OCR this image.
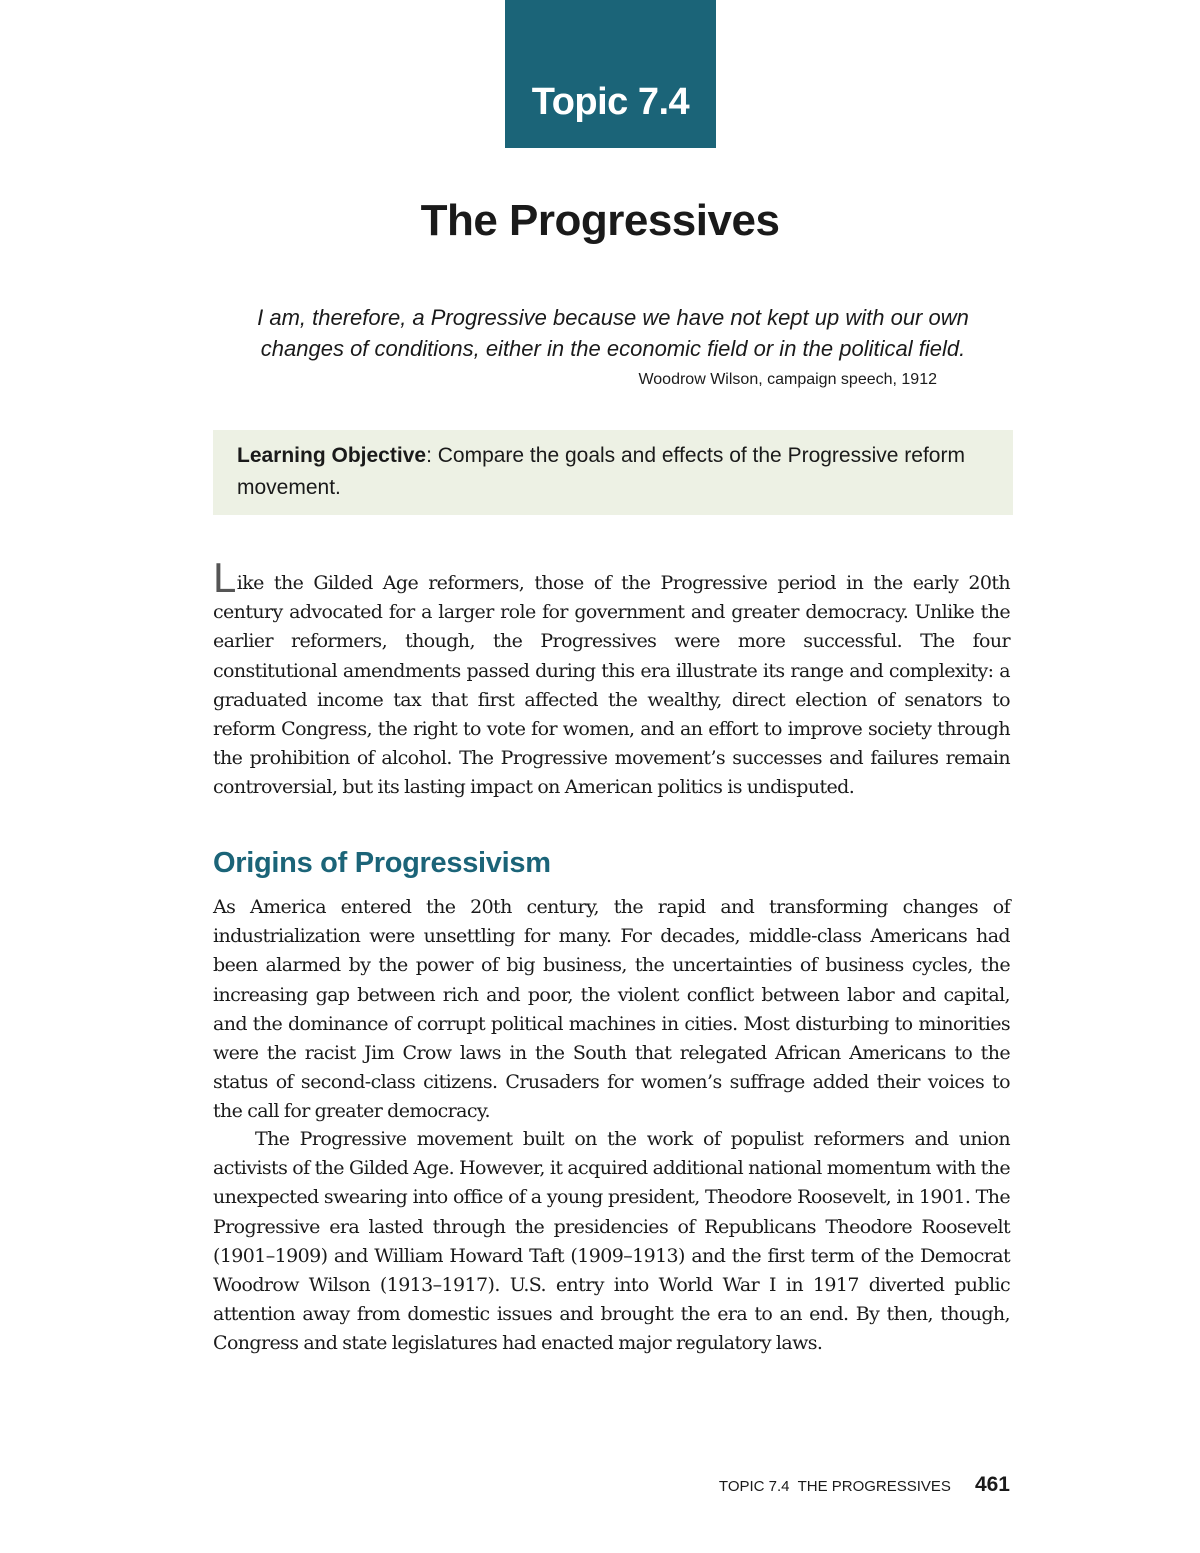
Topic 7.4
The Progressives

I am, therefore, a Progressive because we have not kept up with our own changes of conditions, either in the economic field or in the political field.

Woodrow Wilson, campaign speech, 1912
Learning Objective: Compare the goals and effects of the Progressive reform movement.

Like the Gilded Age reformers, those of the Progressive period in the early 20th century advocated for a larger role for government and greater democracy. Unlike the earlier reformers, though, the Progressives were more successful. The four constitutional amendments passed during this era illustrate its range and complexity: a graduated income tax that first affected the wealthy, direct election of senators to reform Congress, the right to vote for women, and an effort to improve society through the prohibition of alcohol. The Progressive movement’s successes and failures remain controversial, but its lasting impact on American politics is undisputed.

Origins of Progressivism

As America entered the 20th century, the rapid and transforming changes of industrialization were unsettling for many. For decades, middle-class Americans had been alarmed by the power of big business, the uncertainties of business cycles, the increasing gap between rich and poor, the violent conflict between labor and capital, and the dominance of corrupt political machines in cities. Most disturbing to minorities were the racist Jim Crow laws in the South that relegated African Americans to the status of second-class citizens. Crusaders for women’s suffrage added their voices to the call for greater democracy.

The Progressive movement built on the work of populist reformers and union activists of the Gilded Age. However, it acquired additional national momentum with the unexpected swearing into office of a young president, Theodore Roosevelt, in 1901. The Progressive era lasted through the presidencies of Republicans Theodore Roosevelt (1901–1909) and William Howard Taft (1909–1913) and the first term of the Democrat Woodrow Wilson (1913–1917). U.S. entry into World War I in 1917 diverted public attention away from domestic issues and brought the era to an end. By then, though, Congress and state legislatures had enacted major regulatory laws.

TOPIC 7.4  THE PROGRESSIVES 461
